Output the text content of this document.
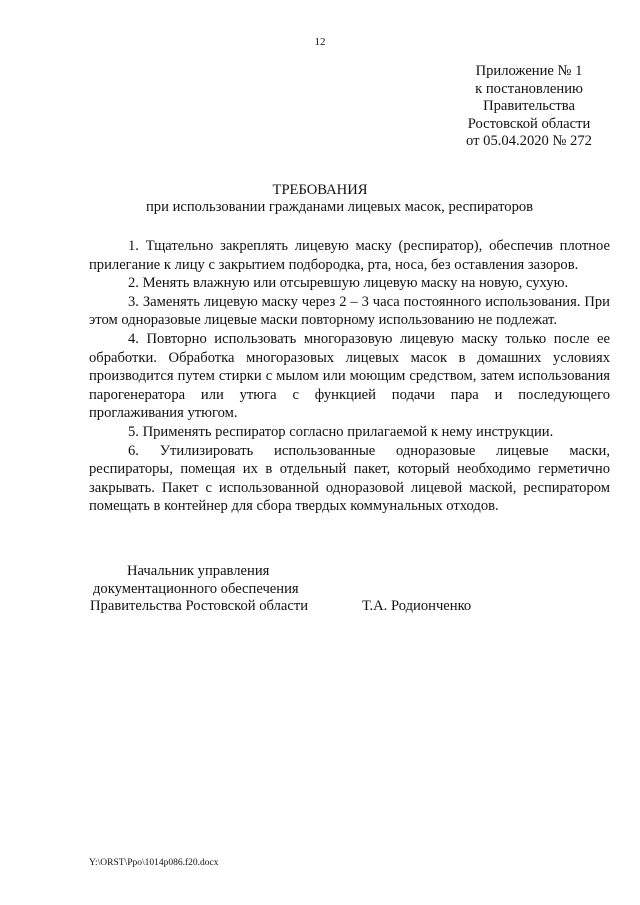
12
Приложение № 1
к постановлению
Правительства
Ростовской области
от 05.04.2020 № 272
ТРЕБОВАНИЯ
при использовании гражданами лицевых масок, респираторов

1. Тщательно закреплять лицевую маску (респиратор), обеспечив плотное прилегание к лицу с закрытием подбородка, рта, носа, без оставления зазоров.

2. Менять влажную или отсыревшую лицевую маску на новую, сухую.

3. Заменять лицевую маску через 2 – 3 часа постоянного использования. При этом одноразовые лицевые маски повторному использованию не подлежат.

4. Повторно использовать многоразовую лицевую маску только после ее обработки. Обработка многоразовых лицевых масок в домашних условиях производится путем стирки с мылом или моющим средством, затем использования парогенератора или утюга с функцией подачи пара и последующего проглаживания утюгом.

5. Применять респиратор согласно прилагаемой к нему инструкции.

6. Утилизировать использованные одноразовые лицевые маски, респираторы, помещая их в отдельный пакет, который необходимо герметично закрывать. Пакет с использованной одноразовой лицевой маской, респиратором помещать в контейнер для сбора твердых коммунальных отходов.

Начальник управления
документационного обеспечения
Правительства Ростовской области	Т.А. Родионченко
Y:\ORST\Ppo\1014p086.f20.docx
